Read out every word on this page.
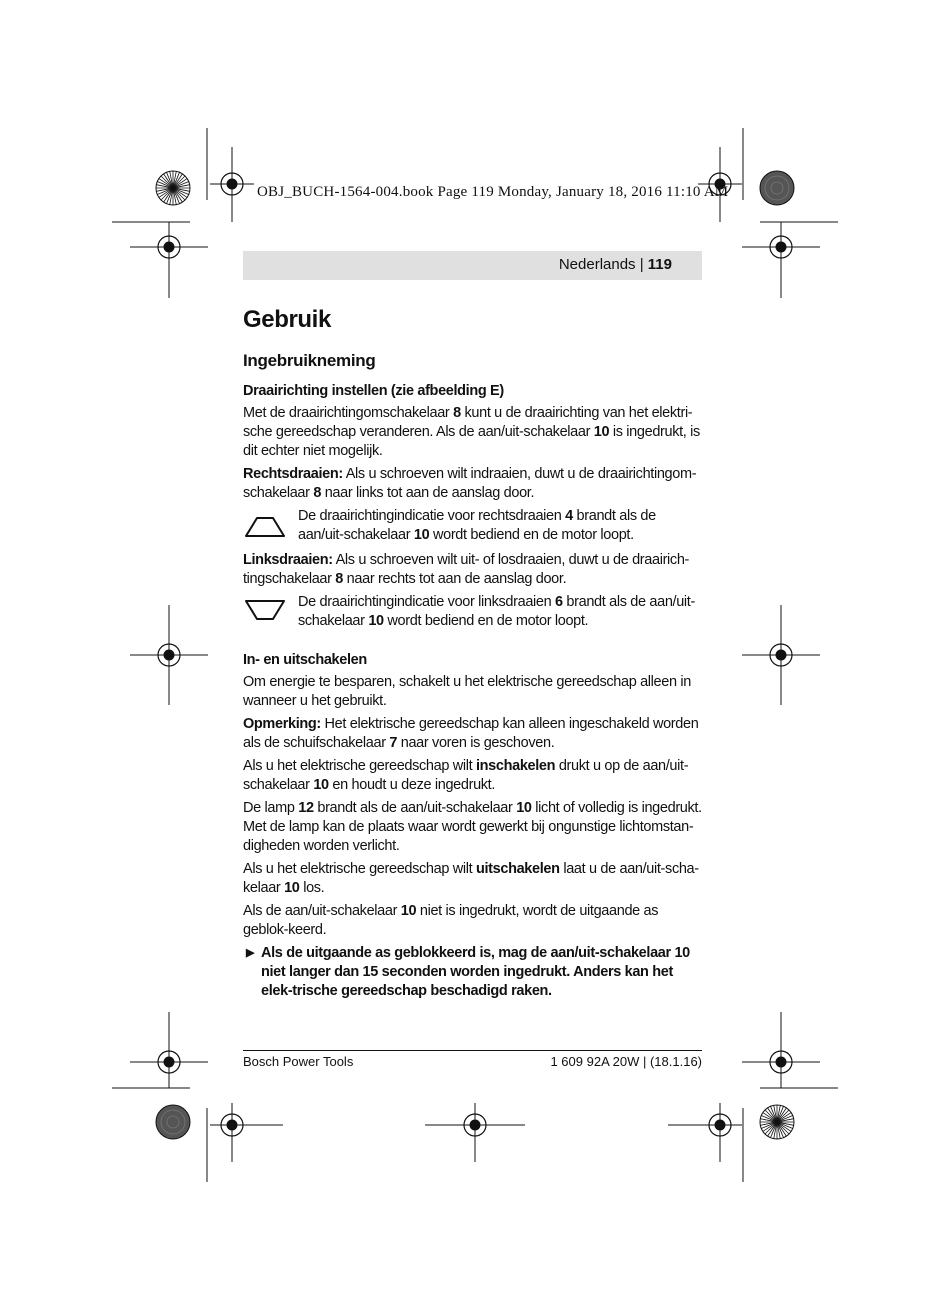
OBJ_BUCH-1564-004.book Page 119 Monday, January 18, 2016 11:10 AM
Nederlands | 119
Gebruik
Ingebruikneming
Draairichting instellen (zie afbeelding E)

Met de draairichtingomschakelaar 8 kunt u de draairichting van het elektri-sche gereedschap veranderen. Als de aan/uit-schakelaar 10 is ingedrukt, is dit echter niet mogelijk.

Rechtsdraaien: Als u schroeven wilt indraaien, duwt u de draairichtingom-schakelaar 8 naar links tot aan de aanslag door.

De draairichtingindicatie voor rechtsdraaien 4 brandt als de aan/uit-schakelaar 10 wordt bediend en de motor loopt.

Linksdraaien: Als u schroeven wilt uit- of losdraaien, duwt u de draairich-tingschakelaar 8 naar rechts tot aan de aanslag door.

De draairichtingindicatie voor linksdraaien 6 brandt als de aan/uit-schakelaar 10 wordt bediend en de motor loopt.
In- en uitschakelen

Om energie te besparen, schakelt u het elektrische gereedschap alleen in wanneer u het gebruikt.

Opmerking: Het elektrische gereedschap kan alleen ingeschakeld worden als de schuifschakelaar 7 naar voren is geschoven.

Als u het elektrische gereedschap wilt inschakelen drukt u op de aan/uit-schakelaar 10 en houdt u deze ingedrukt.

De lamp 12 brandt als de aan/uit-schakelaar 10 licht of volledig is ingedrukt. Met de lamp kan de plaats waar wordt gewerkt bij ongunstige lichtomstan-digheden worden verlicht.

Als u het elektrische gereedschap wilt uitschakelen laat u de aan/uit-scha-kelaar 10 los.

Als de aan/uit-schakelaar 10 niet is ingedrukt, wordt de uitgaande as geblok-keerd.

▶ Als de uitgaande as geblokkeerd is, mag de aan/uit-schakelaar 10 niet langer dan 15 seconden worden ingedrukt. Anders kan het elek-trische gereedschap beschadigd raken.
Bosch Power Tools	1 609 92A 20W | (18.1.16)
